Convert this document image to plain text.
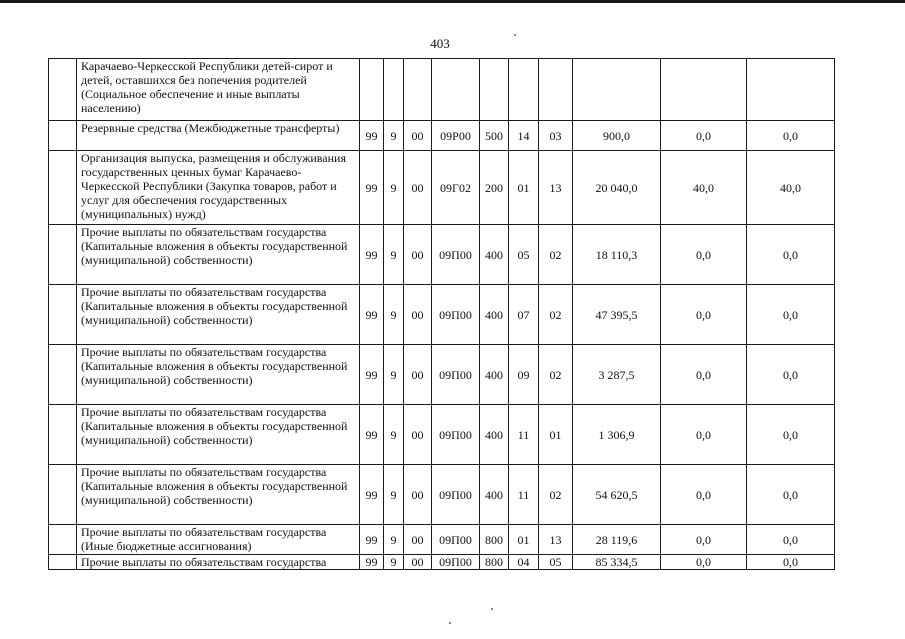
403
	Карачаево-Черкесской Республики детей-сирот и детей, оставшихся без попечения родителей (Социальное обеспечение и иные выплаты населению)										
	Резервные средства (Межбюджетные трансферты)	99	9	00	09Р00	500	14	03	900,0	0,0	0,0
	Организация выпуска, размещения и обслуживания государственных ценных бумаг Карачаево-Черкесской Республики (Закупка товаров, работ и услуг для обеспечения государственных (муниципальных) нужд)	99	9	00	09Г02	200	01	13	20 040,0	40,0	40,0
	Прочие выплаты по обязательствам государства (Капитальные вложения в объекты государственной (муниципальной) собственности)	99	9	00	09П00	400	05	02	18 110,3	0,0	0,0
	Прочие выплаты по обязательствам государства (Капитальные вложения в объекты государственной (муниципальной) собственности)	99	9	00	09П00	400	07	02	47 395,5	0,0	0,0
	Прочие выплаты по обязательствам государства (Капитальные вложения в объекты государственной (муниципальной) собственности)	99	9	00	09П00	400	09	02	3 287,5	0,0	0,0
	Прочие выплаты по обязательствам государства (Капитальные вложения в объекты государственной (муниципальной) собственности)	99	9	00	09П00	400	11	01	1 306,9	0,0	0,0
	Прочие выплаты по обязательствам государства (Капитальные вложения в объекты государственной (муниципальной) собственности)	99	9	00	09П00	400	11	02	54 620,5	0,0	0,0
	Прочие выплаты по обязательствам государства (Иные бюджетные ассигнования)	99	9	00	09П00	800	01	13	28 119,6	0,0	0,0
	Прочие выплаты по обязательствам государства	99	9	00	09П00	800	04	05	85 334,5	0,0	0,0
